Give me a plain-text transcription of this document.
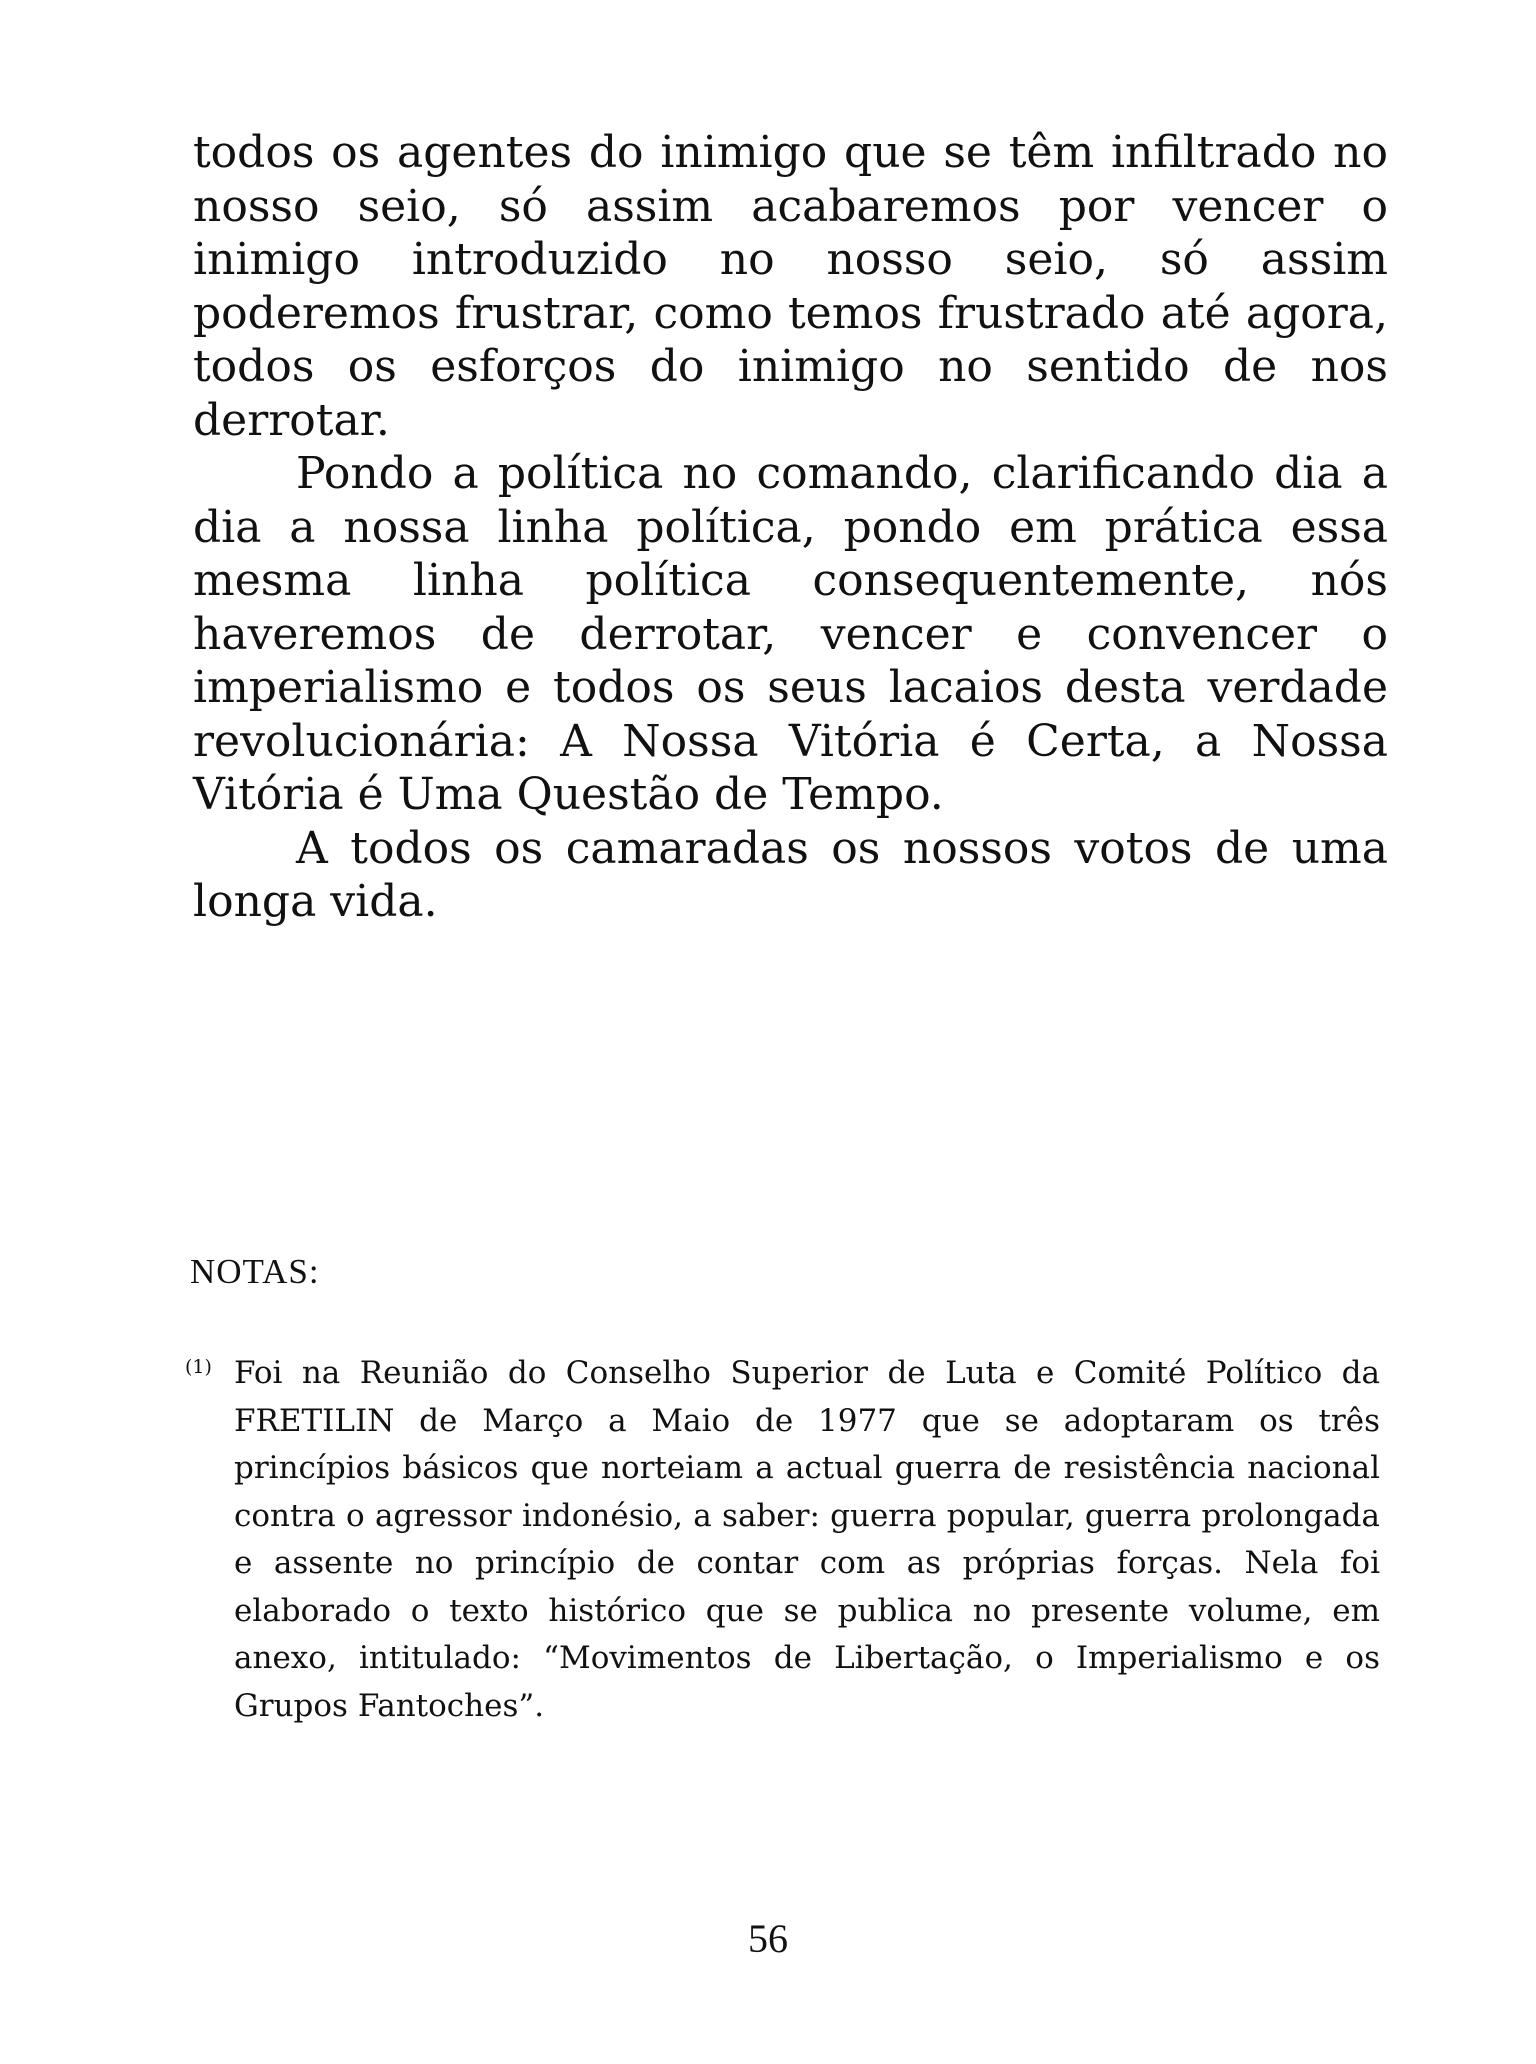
todos os agentes do inimigo que se têm infiltrado no nosso seio, só assim acabaremos por vencer o inimigo introduzido no nosso seio, só assim poderemos frustrar, como temos frustrado até agora, todos os esforços do inimigo no sentido de nos derrotar.

Pondo a política no comando, clarificando dia a dia a nossa linha política, pondo em prática essa mesma linha política consequentemente, nós haveremos de derrotar, vencer e convencer o imperialismo e todos os seus lacaios desta verdade revolucionária: A Nossa Vitória é Certa, a Nossa Vitória é Uma Questão de Tempo.

A todos os camaradas os nossos votos de uma longa vida.

NOTAS:
(1) Foi na Reunião do Conselho Superior de Luta e Comité Político da FRETILIN de Março a Maio de 1977 que se adoptaram os três princípios básicos que norteiam a actual guerra de resistência nacional contra o agressor indonésio, a saber: guerra popular, guerra prolongada e assente no princípio de contar com as próprias forças. Nela foi elaborado o texto histórico que se publica no presente volume, em anexo, intitulado: “Movimentos de Libertação, o Imperialismo e os Grupos Fantoches”.
56
